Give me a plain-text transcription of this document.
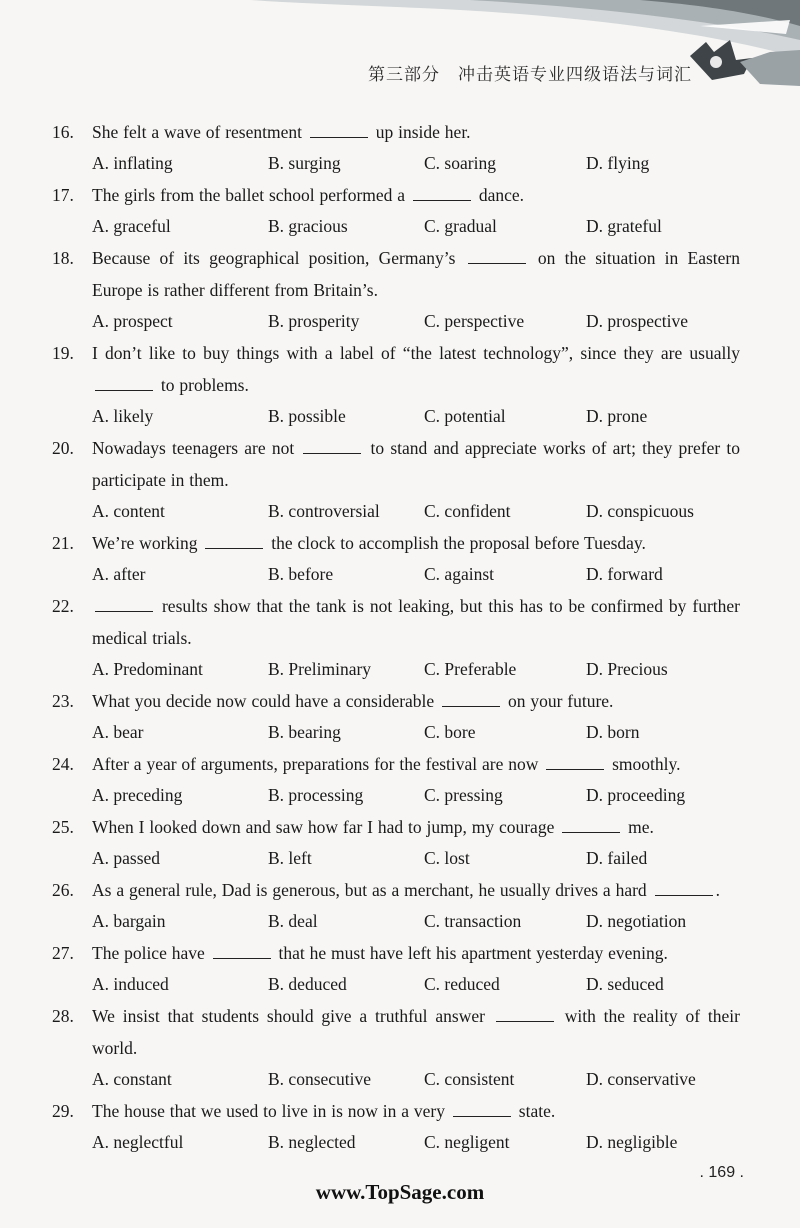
第三部分　冲击英语专业四级语法与词汇
16. She felt a wave of resentment	up inside her.
A. inflating	B. surging	C. soaring	D. flying
17. The girls from the ballet school performed a	dance.
A. graceful	B. gracious	C. gradual	D. grateful
18. Because of its geographical position, Germany’s	on the situation in Eastern Europe is rather different from Britain’s.
A. prospect	B. prosperity	C. perspective	D. prospective
19. I don’t like to buy things with a label of “the latest technology”, since they are usually  to problems.
A. likely	B. possible	C. potential	D. prone
20. Nowadays teenagers are not	to stand and appreciate works of art; they prefer to participate in them.
A. content	B. controversial	C. confident	D. conspicuous
21. We’re working	the clock to accomplish the proposal before Tuesday.
A. after	B. before	C. against	D. forward
22.	results show that the tank is not leaking, but this has to be confirmed by further medical trials.
A. Predominant	B. Preliminary	C. Preferable	D. Precious
23. What you decide now could have a considerable	on your future.
A. bear	B. bearing	C. bore	D. born
24. After a year of arguments, preparations for the festival are now	smoothly.
A. preceding	B. processing	C. pressing	D. proceeding
25. When I looked down and saw how far I had to jump, my courage	me.
A. passed	B. left	C. lost	D. failed
26. As a general rule, Dad is generous, but as a merchant, he usually drives a hard	.
A. bargain	B. deal	C. transaction	D. negotiation
27. The police have	that he must have left his apartment yesterday evening.
A. induced	B. deduced	C. reduced	D. seduced
28. We insist that students should give a truthful answer	with the reality of their world.
A. constant	B. consecutive	C. consistent	D. conservative
29. The house that we used to live in is now in a very	state.
A. neglectful	B. neglected	C. negligent	D. negligible
. 169 .
www.TopSage.com
